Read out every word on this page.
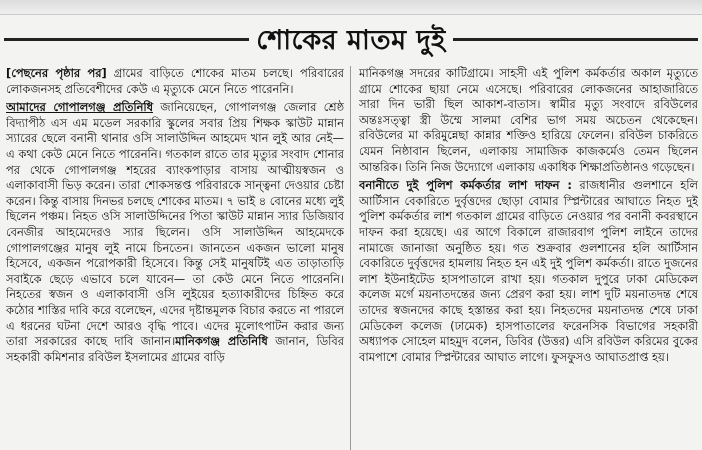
শোকের মাতম দুই

[পেছনের পৃষ্ঠার পর] গ্রামের বাড়িতে শোকের মাতম চলছে। পরিবারের লোকজনসহ প্রতিবেশীদের কেউ এ মৃত্যুকে মেনে নিতে পারেননি।

আমাদের গোপালগঞ্জ প্রতিনিধি জানিয়েছেন, গোপালগঞ্জ জেলার শ্রেষ্ঠ বিদ্যাপীঠ এস এম মডেল সরকারি স্কুলের সবার প্রিয় শিক্ষক স্কাউট মান্নান স্যারের ছেলে বনানী থানার ওসি সালাউদ্দিন আহমেদ খান লুই আর নেই— এ কথা কেউ মেনে নিতে পারেননি। গতকাল রাতে তার মৃত্যুর সংবাদ শোনার পর থেকে গোপালগঞ্জ শহরের ব্যাংকপাড়ার বাসায় আত্মীয়স্বজন ও এলাকাবাসী ভিড় করেন। তারা শোকসন্তপ্ত পরিবারকে সান্ত্বনা দেওয়ার চেষ্টা করেন। কিন্তু বাসায় দিনভর চলছে শোকের মাতম। ৭ ভাই ৪ বোনের মধ্যে লুই ছিলেন পঞ্চম। নিহত ওসি সালাউদ্দিনের পিতা স্কাউট মান্নান স্যার ডিজিয়াব বেনজীর আহমেদেরও স্যার ছিলেন। ওসি সালাউদ্দিন আহমেদকে গোপালগঞ্জের মানুষ লুই নামে চিনতেন। জানতেন একজন ভালো মানুষ হিসেবে, একজন পরোপকারী হিসেবে। কিন্তু সেই মানুষটিই এত তাড়াতাড়ি সবাইকে ছেড়ে এভাবে চলে যাবেন— তা কেউ মেনে নিতে পারেননি। নিহতের স্বজন ও এলাকাবাসী ওসি লুইয়ের হত্যাকারীদের চিহ্নিত করে কঠোর শাস্তির দাবি করে বলেছেন, এদের দৃষ্টান্তমূলক বিচার করতে না পারলে এ ধরনের ঘটনা দেশে আরও বৃদ্ধি পাবে। এদের মূলোৎপাটন করার জন্য তারা সরকারের কাছে দাবি জানান।মানিকগঞ্জ প্রতিনিধি জানান, ডিবির সহকারী কমিশনার রবিউল ইসলামের গ্রামের বাড়ি

মানিকগঞ্জ সদরের কাটিগ্রামে। সাহসী এই পুলিশ কর্মকর্তার অকাল মৃত্যুতে গ্রামে শোকের ছায়া নেমে এসেছে। পরিবারের লোকজনের আহাজারিতে সারা দিন ভারী ছিল আকাশ-বাতাস। স্বামীর মৃত্যু সংবাদে রবিউলের অন্তঃসত্ত্বা স্ত্রী উম্মে সালমা বেশির ভাগ সময় অচেতন থেকেছেন। রবিউলের মা করিমুন্নেছা কান্নার শক্তিও হারিয়ে ফেলেন। রবিউল চাকরিতে যেমন নিষ্ঠাবান ছিলেন, এলাকায় সামাজিক কাজকর্মেও তেমন ছিলেন আন্তরিক। তিনি নিজ উদ্যোগে এলাকায় একাধিক শিক্ষাপ্রতিষ্ঠানও গড়েছেন।

বনানীতে দুই পুলিশ কর্মকর্তার লাশ দাফন : রাজধানীর গুলশানে হলি আর্টিসান বেকারিতে দুর্বৃত্তদের ছোড়া বোমার স্প্লিন্টারের আঘাতে নিহত দুই পুলিশ কর্মকর্তার লাশ গতকাল গ্রামের বাড়িতে নেওয়ার পর বনানী কবরস্থানে দাফন করা হয়েছে। এর আগে বিকালে রাজারবাগ পুলিশ লাইনে তাদের নামাজে জানাজা অনুষ্ঠিত হয়। গত শুক্রবার গুলশানের হলি আর্টিসান বেকারিতে দুর্বৃত্তদের হামলায় নিহত হন এই দুই পুলিশ কর্মকর্তা। রাতে দুজনের লাশ ইউনাইটেড হাসপাতালে রাখা হয়। গতকাল দুপুরে ঢাকা মেডিকেল কলেজ মর্গে ময়নাতদন্তের জন্য প্রেরণ করা হয়। লাশ দুটি ময়নাতদন্ত শেষে তাদের স্বজনদের কাছে হস্তান্তর করা হয়। নিহতদের ময়নাতদন্ত শেষে ঢাকা মেডিকেল কলেজ (ঢামেক) হাসপাতালের ফরেনসিক বিভাগের সহকারী অধ্যাপক সোহেল মাহমুদ বলেন, ডিবির (উত্তর) এসি রবিউল করিমের বুকের বামপাশে বোমার স্প্লিন্টারের আঘাত লাগে। ফুসফুসও আঘাতপ্রাপ্ত হয়।
